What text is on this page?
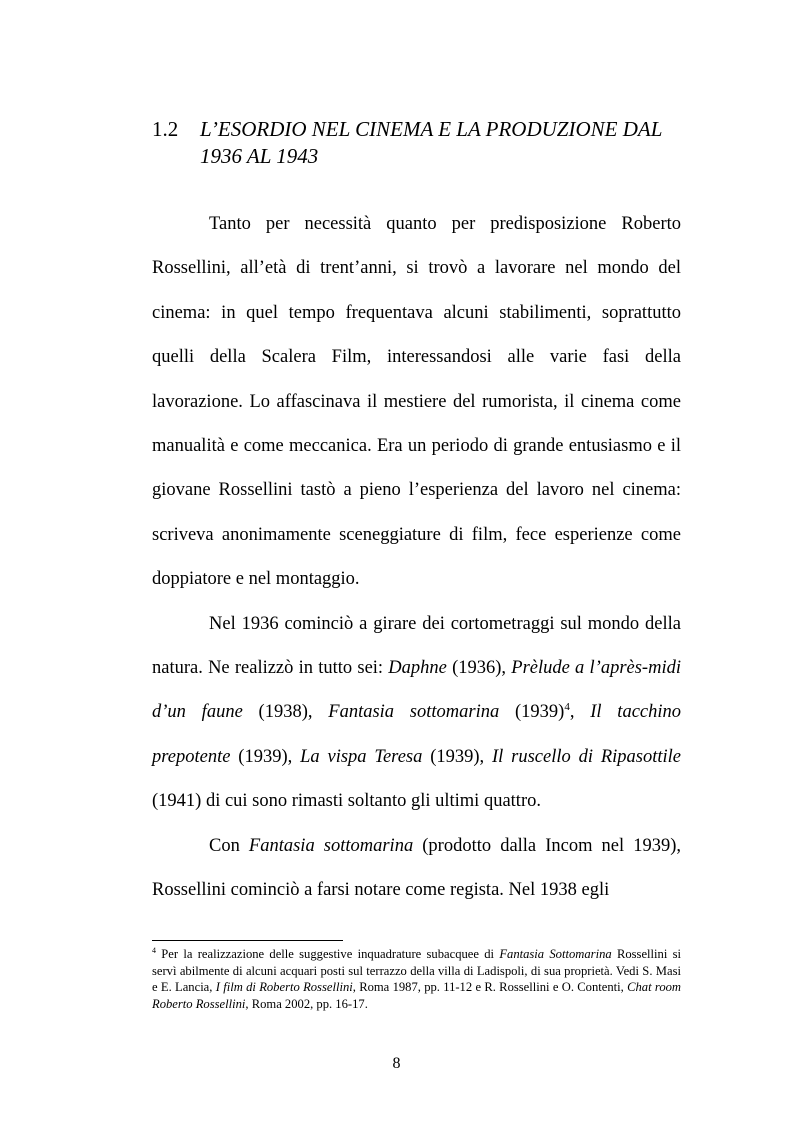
1.2 L’ESORDIO NEL CINEMA E LA PRODUZIONE DAL 1936 AL 1943

Tanto per necessità quanto per predisposizione Roberto Rossellini, all’età di trent’anni, si trovò a lavorare nel mondo del cinema: in quel tempo frequentava alcuni stabilimenti, soprattutto quelli della Scalera Film, interessandosi alle varie fasi della lavorazione. Lo affascinava il mestiere del rumorista, il cinema come manualità e come meccanica. Era un periodo di grande entusiasmo e il giovane Rossellini tastò a pieno l’esperienza del lavoro nel cinema: scriveva anonimamente sceneggiature di film, fece esperienze come doppiatore e nel montaggio.

Nel 1936 cominciò a girare dei cortometraggi sul mondo della natura. Ne realizzò in tutto sei: Daphne (1936), Prèlude a l’après-midi d’un faune (1938), Fantasia sottomarina $(1939)^4$, Il tacchino prepotente (1939), La vispa Teresa (1939), Il ruscello di Ripasottile (1941) di cui sono rimasti soltanto gli ultimi quattro.

Con Fantasia sottomarina (prodotto dalla Incom nel 1939), Rossellini cominciò a farsi notare come regista. Nel 1938 egli

$^4$ Per la realizzazione delle suggestive inquadrature subacquee di Fantasia Sottomarina Rossellini si servì abilmente di alcuni acquari posti sul terrazzo della villa di Ladispoli, di sua proprietà. Vedi S. Masi e E. Lancia, I film di Roberto Rossellini, Roma 1987, pp. 11-12 e R. Rossellini e O. Contenti, Chat room Roberto Rossellini, Roma 2002, pp. 16-17.
8
